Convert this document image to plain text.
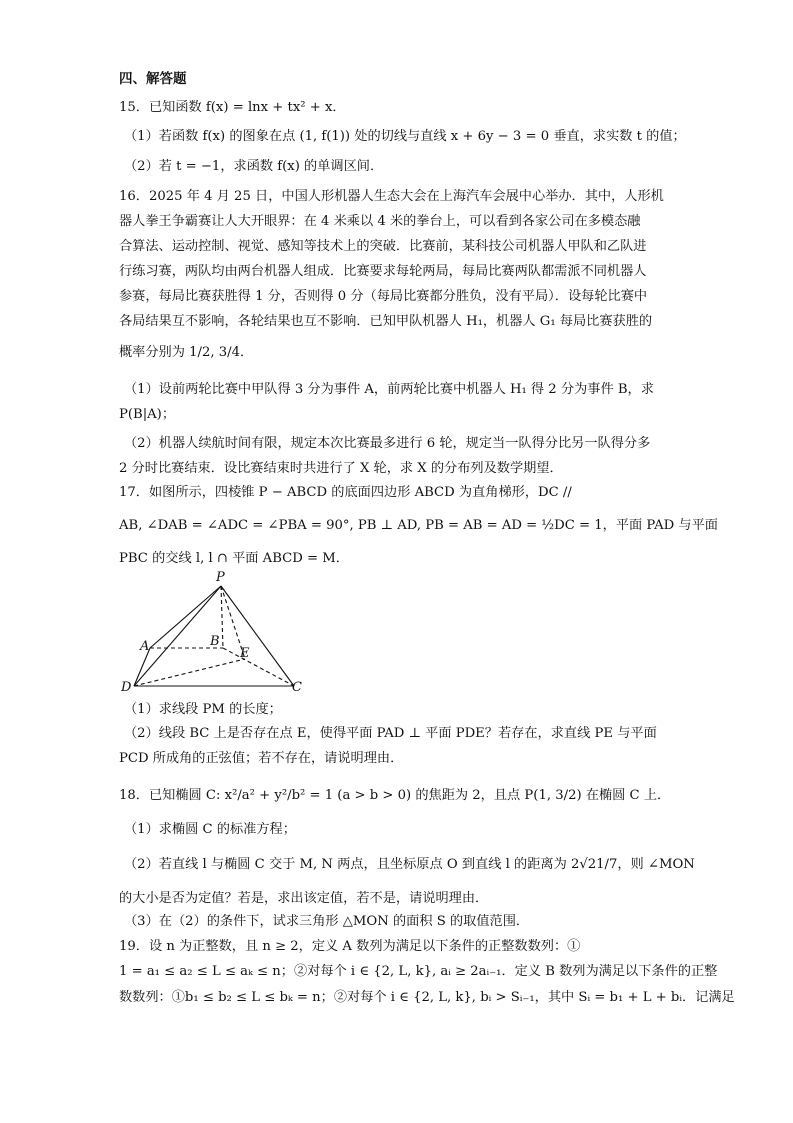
四、解答题
15．已知函数 f(x) = lnx + tx² + x．
（1）若函数 f(x) 的图象在点 (1, f(1)) 处的切线与直线 x + 6y − 3 = 0 垂直，求实数 t 的值；
（2）若 t = −1，求函数 f(x) 的单调区间．
16．2025 年 4 月 25 日，中国人形机器人生态大会在上海汽车会展中心举办．其中，人形机
器人拳王争霸赛让人大开眼界：在 4 米乘以 4 米的拳台上，可以看到各家公司在多模态融
合算法、运动控制、视觉、感知等技术上的突破．比赛前，某科技公司机器人甲队和乙队进
行练习赛，两队均由两台机器人组成．比赛要求每轮两局，每局比赛两队都需派不同机器人
参赛，每局比赛获胜得 1 分，否则得 0 分（每局比赛都分胜负，没有平局）．设每轮比赛中
各局结果互不影响，各轮结果也互不影响．已知甲队机器人 H₁，机器人 G₁ 每局比赛获胜的
概率分别为 1/2, 3/4．
（1）设前两轮比赛中甲队得 3 分为事件 A，前两轮比赛中机器人 H₁ 得 2 分为事件 B，求
P(B|A)；
（2）机器人续航时间有限，规定本次比赛最多进行 6 轮，规定当一队得分比另一队得分多
2 分时比赛结束．设比赛结束时共进行了 X 轮，求 X 的分布列及数学期望．
17．如图所示，四棱锥 P − ABCD 的底面四边形 ABCD 为直角梯形，DC //
AB, ∠DAB = ∠ADC = ∠PBA = 90°, PB ⊥ AD, PB = AB = AD = ½DC = 1，平面 PAD 与平面
PBC 的交线 l, l ∩ 平面 ABCD = M．
P
A	B
E
D	C
（1）求线段 PM 的长度；
（2）线段 BC 上是否存在点 E，使得平面 PAD ⊥ 平面 PDE？若存在，求直线 PE 与平面
PCD 所成角的正弦值；若不存在，请说明理由．
18．已知椭圆 C: x²/a² + y²/b² = 1 (a > b > 0) 的焦距为 2，且点 P(1, 3/2) 在椭圆 C 上．
（1）求椭圆 C 的标准方程；
（2）若直线 l 与椭圆 C 交于 M, N 两点，且坐标原点 O 到直线 l 的距离为 2√21/7，则 ∠MON
的大小是否为定值？若是，求出该定值，若不是，请说明理由．
（3）在（2）的条件下，试求三角形 △MON 的面积 S 的取值范围．
19．设 n 为正整数，且 n ≥ 2，定义 A 数列为满足以下条件的正整数数列：①
1 = a₁ ≤ a₂ ≤ L ≤ aₖ ≤ n；②对每个 i ∈ {2, L, k}, aᵢ ≥ 2aᵢ₋₁．定义 B 数列为满足以下条件的正整
数数列：①b₁ ≤ b₂ ≤ L ≤ bₖ = n；②对每个 i ∈ {2, L, k}, bᵢ > Sᵢ₋₁，其中 Sᵢ = b₁ + L + bᵢ．记满足
